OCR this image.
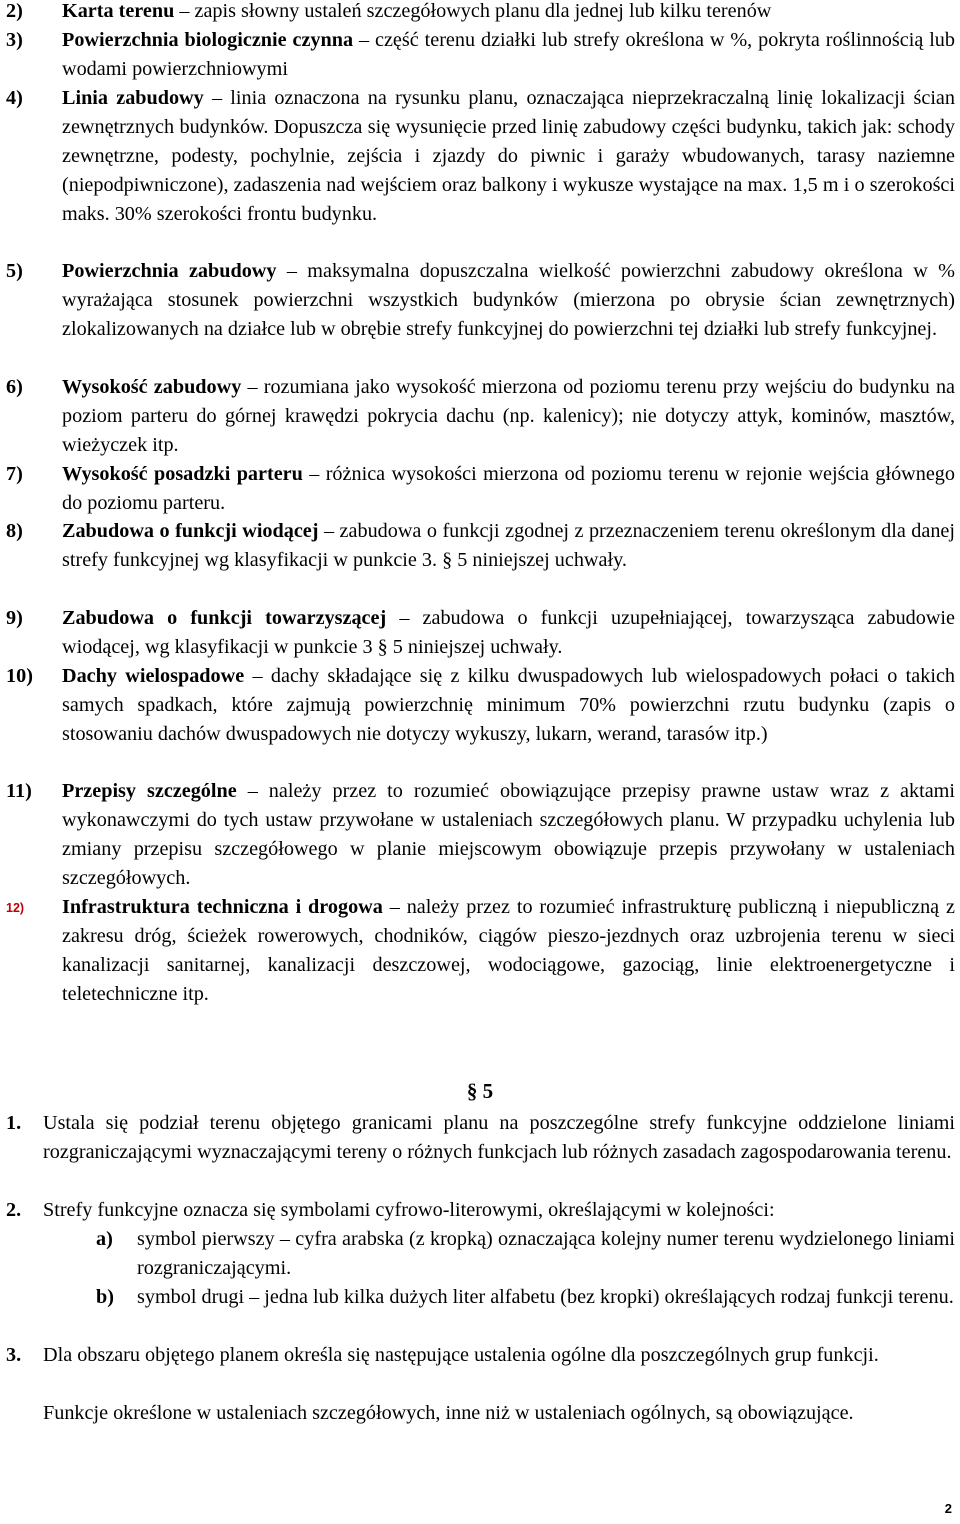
2) Karta terenu – zapis słowny ustaleń szczegółowych planu dla jednej lub kilku terenów
3) Powierzchnia biologicznie czynna – część terenu działki lub strefy określona w %, pokryta roślinnością lub wodami powierzchniowymi
4) Linia zabudowy – linia oznaczona na rysunku planu, oznaczająca nieprzekraczalną linię lokalizacji ścian zewnętrznych budynków. Dopuszcza się wysunięcie przed linię zabudowy części budynku, takich jak: schody zewnętrzne, podesty, pochylnie, zejścia i zjazdy do piwnic i garaży wbudowanych, tarasy naziemne (niepodpiwniczone), zadaszenia nad wejściem oraz balkony i wykusze wystające na max. 1,5 m i o szerokości maks. 30% szerokości frontu budynku.
5) Powierzchnia zabudowy – maksymalna dopuszczalna wielkość powierzchni zabudowy określona w % wyrażająca stosunek powierzchni wszystkich budynków (mierzona po obrysie ścian zewnętrznych) zlokalizowanych na działce lub w obrębie strefy funkcyjnej do powierzchni tej działki lub strefy funkcyjnej.
6) Wysokość zabudowy – rozumiana jako wysokość mierzona od poziomu terenu przy wejściu do budynku na poziom parteru do górnej krawędzi pokrycia dachu (np. kalenicy); nie dotyczy attyk, kominów, masztów, wieżyczek itp.
7) Wysokość posadzki parteru – różnica wysokości mierzona od poziomu terenu w rejonie wejścia głównego do poziomu parteru.
8) Zabudowa o funkcji wiodącej – zabudowa o funkcji zgodnej z przeznaczeniem terenu określonym dla danej strefy funkcyjnej wg klasyfikacji w punkcie 3. § 5 niniejszej uchwały.
9) Zabudowa o funkcji towarzyszącej – zabudowa o funkcji uzupełniającej, towarzysząca zabudowie wiodącej, wg klasyfikacji w punkcie 3 § 5 niniejszej uchwały.
10) Dachy wielospadowe – dachy składające się z kilku dwuspadowych lub wielospadowych połaci o takich samych spadkach, które zajmują powierzchnię minimum 70% powierzchni rzutu budynku (zapis o stosowaniu dachów dwuspadowych nie dotyczy wykuszy, lukarn, werand, tarasów itp.)
11) Przepisy szczególne – należy przez to rozumieć obowiązujące przepisy prawne ustaw wraz z aktami wykonawczymi do tych ustaw przywołane w ustaleniach szczegółowych planu. W przypadku uchylenia lub zmiany przepisu szczegółowego w planie miejscowym obowiązuje przepis przywołany w ustaleniach szczegółowych.
12) Infrastruktura techniczna i drogowa – należy przez to rozumieć infrastrukturę publiczną i niepubliczną z zakresu dróg, ścieżek rowerowych, chodników, ciągów pieszo-jezdnych oraz uzbrojenia terenu w sieci kanalizacji sanitarnej, kanalizacji deszczowej, wodociągowe, gazociąg, linie elektroenergetyczne i teletechniczne itp.
§ 5
1. Ustala się podział terenu objętego granicami planu na poszczególne strefy funkcyjne oddzielone liniami rozgraniczającymi wyznaczającymi tereny o różnych funkcjach lub różnych zasadach zagospodarowania terenu.
2. Strefy funkcyjne oznacza się symbolami cyfrowo-literowymi, określającymi w kolejności:
a) symbol pierwszy – cyfra arabska (z kropką) oznaczająca kolejny numer terenu wydzielonego liniami rozgraniczającymi.
b) symbol drugi – jedna lub kilka dużych liter alfabetu (bez kropki) określających rodzaj funkcji terenu.
3. Dla obszaru objętego planem określa się następujące ustalenia ogólne dla poszczególnych grup funkcji.
Funkcje określone w ustaleniach szczegółowych, inne niż w ustaleniach ogólnych, są obowiązujące.
2
